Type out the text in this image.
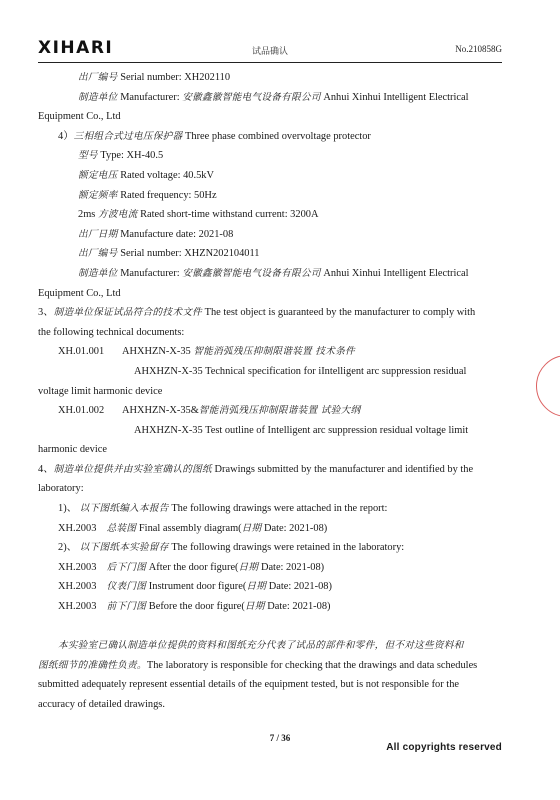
XIHARI	试品确认	No.210858G

出厂编号 Serial number: XH202110

制造单位 Manufacturer: 安徽鑫徽智能电气设备有限公司 Anhui Xinhui Intelligent Electrical

Equipment Co., Ltd

4）三相组合式过电压保护器 Three phase combined overvoltage protector

型号 Type: XH-40.5

额定电压 Rated voltage: 40.5kV

额定频率 Rated frequency: 50Hz

2ms 方波电流 Rated short-time withstand current: 3200A

出厂日期 Manufacture date: 2021-08

出厂编号 Serial number: XHZN202104011

制造单位 Manufacturer: 安徽鑫徽智能电气设备有限公司 Anhui Xinhui Intelligent Electrical

Equipment Co., Ltd

3、制造单位保证试品符合的技术文件 The test object is guaranteed by the manufacturer to comply with

the following technical documents:

XH.01.001 AHXHZN-X-35 智能消弧残压抑制限谐装置 技术条件

AHXHZN-X-35 Technical specification for iIntelligent arc suppression residual

voltage limit harmonic device

XH.01.002 AHXHZN-X-35&智能消弧残压抑制限谐装置 试验大纲

AHXHZN-X-35 Test outline of Intelligent arc suppression residual voltage limit

harmonic device

4、制造单位提供并由实验室确认的图纸 Drawings submitted by the manufacturer and identified by the

laboratory:

1)、 以下图纸编入本报告 The following drawings were attached in the report:

XH.2003 总装图 Final assembly diagram(日期 Date: 2021-08)

2)、 以下图纸本实验留存 The following drawings were retained in the laboratory:

XH.2003 后下门图 After the door figure(日期 Date: 2021-08)

XH.2003 仪表门图 Instrument door figure(日期 Date: 2021-08)

XH.2003 前下门图 Before the door figure(日期 Date: 2021-08)

本实验室已确认制造单位提供的资料和图纸充分代表了试品的部件和零件，但不对这些资料和

图纸细节的准确性负责。The laboratory is responsible for checking that the drawings and data schedules

submitted adequately represent essential details of the equipment tested, but is not responsible for the

accuracy of detailed drawings.

7 / 36
All copyrights reserved
